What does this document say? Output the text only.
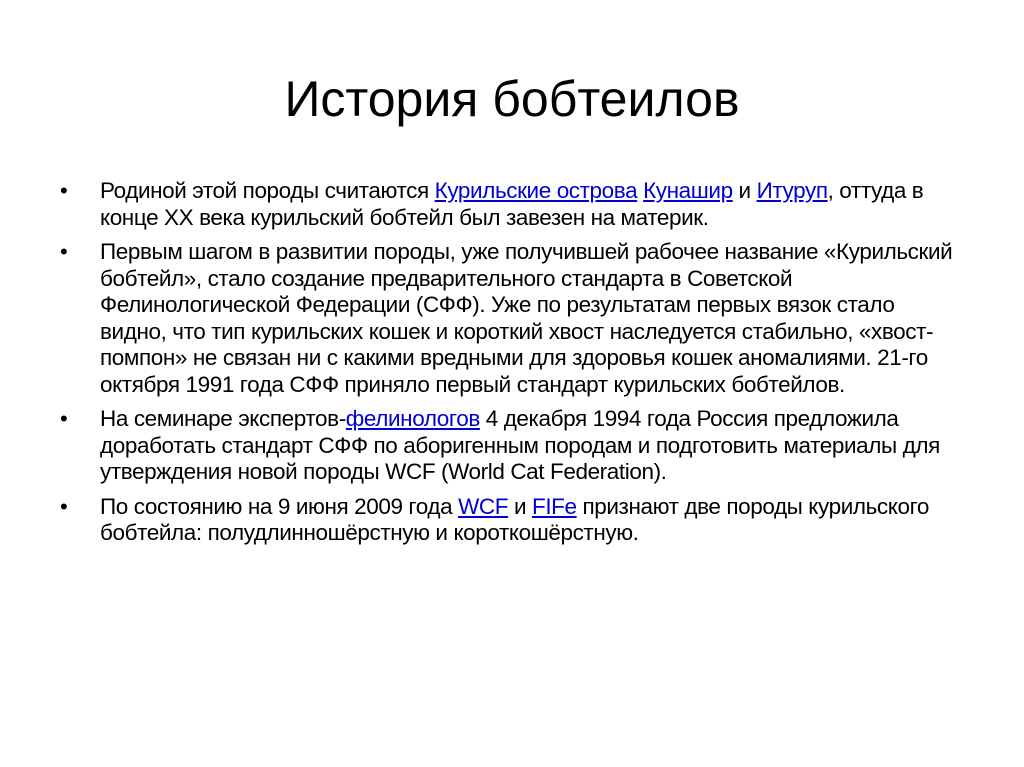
История бобтеилов
• Родиной этой породы считаются Курильские острова Кунашир и Итуруп, оттуда в конце XX века курильский бобтейл был завезен на материк.
• Первым шагом в развитии породы, уже получившей рабочее название «Курильский бобтейл», стало создание предварительного стандарта в Советской Фелинологической Федерации (СФФ). Уже по результатам первых вязок стало видно, что тип курильских кошек и короткий хвост наследуется стабильно, «хвост-помпон» не связан ни с какими вредными для здоровья кошек аномалиями. 21-го октября 1991 года СФФ приняло первый стандарт курильских бобтейлов.
• На семинаре экспертов-фелинологов 4 декабря 1994 года Россия предложила доработать стандарт СФФ по аборигенным породам и подготовить материалы для утверждения новой породы WCF (World Cat Federation).
• По состоянию на 9 июня 2009 года WCF и FIFe признают две породы курильского бобтейла: полудлинношёрстную и короткошёрстную.
